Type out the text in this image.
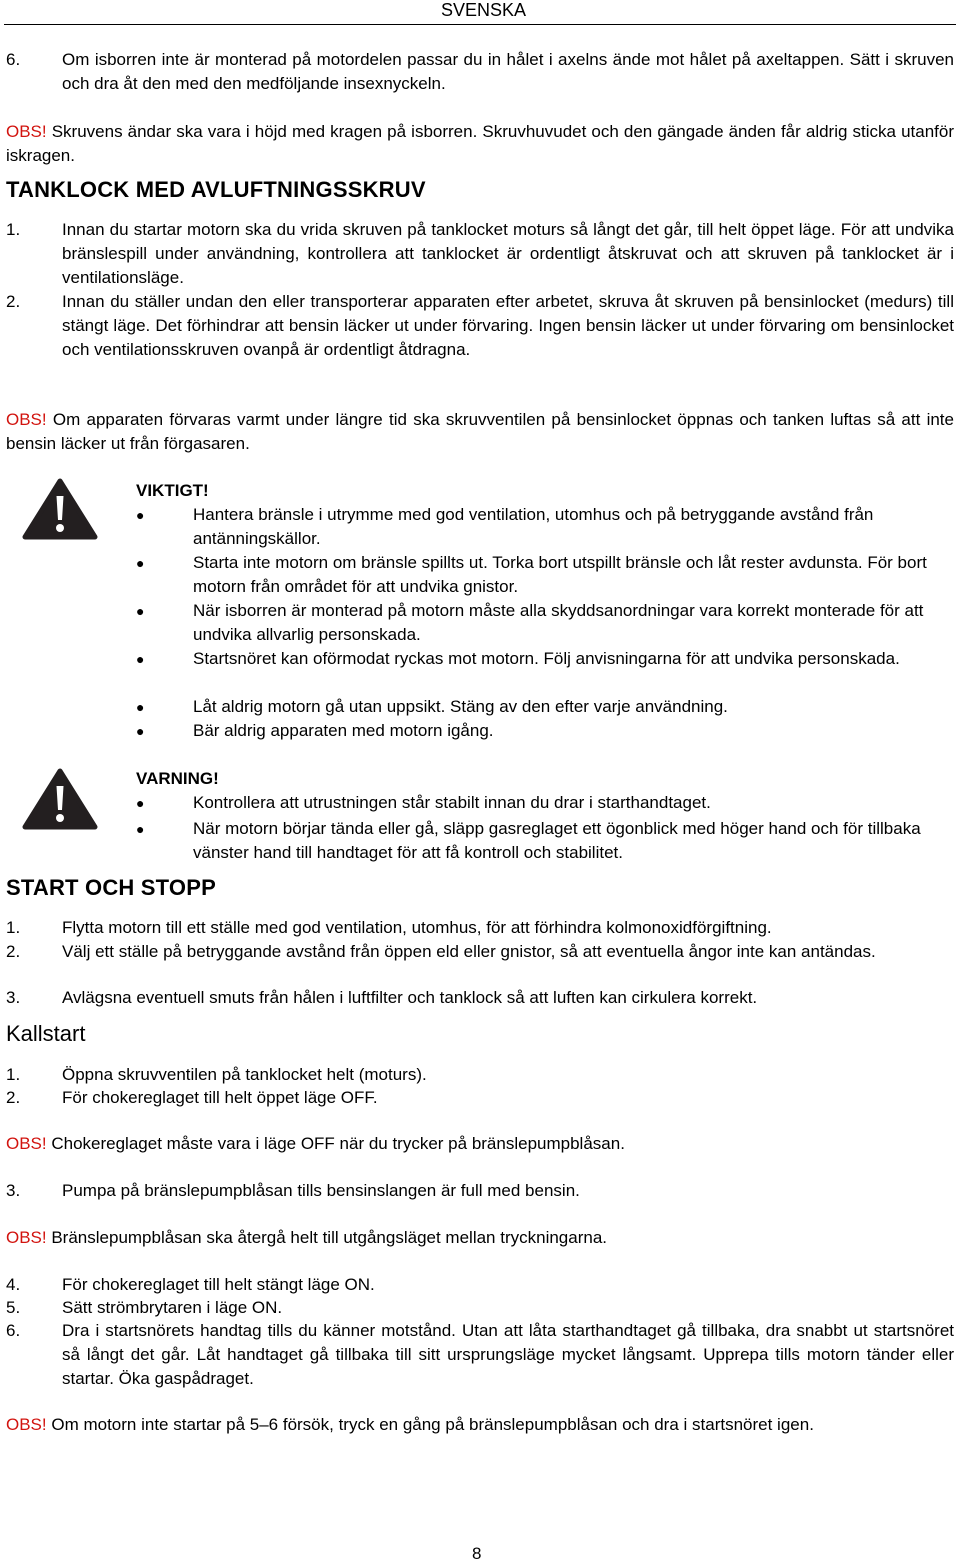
SVENSKA
6.	Om isborren inte är monterad på motordelen passar du in hålet i axelns ände mot hålet på axeltappen. Sätt i skruven och dra åt den med den medföljande insexnyckeln.
OBS! Skruvens ändar ska vara i höjd med kragen på isborren. Skruvhuvudet och den gängade änden får aldrig sticka utanför iskragen.
TANKLOCK MED AVLUFTNINGSSKRUV
1.	Innan du startar motorn ska du vrida skruven på tanklocket moturs så långt det går, till helt öppet läge. För att undvika bränslespill under användning, kontrollera att tanklocket är ordentligt åtskruvat och att skruven på tanklocket är i ventilationsläge.
2.	Innan du ställer undan den eller transporterar apparaten efter arbetet, skruva åt skruven på bensinlocket (medurs) till stängt läge. Det förhindrar att bensin läcker ut under förvaring. Ingen bensin läcker ut under förvaring om bensinlocket och ventilationsskruven ovanpå är ordentligt åtdragna.
OBS! Om apparaten förvaras varmt under längre tid ska skruvventilen på bensinlocket öppnas och tanken luftas så att inte bensin läcker ut från förgasaren.
VIKTIGT!
●	Hantera bränsle i utrymme med god ventilation, utomhus och på betryggande avstånd från antänningskällor.
●	Starta inte motorn om bränsle spillts ut. Torka bort utspillt bränsle och låt rester avdunsta. För bort motorn från området för att undvika gnistor.
●	När isborren är monterad på motorn måste alla skyddsanordningar vara korrekt monterade för att undvika allvarlig personskada.
●	Startsnöret kan oförmodat ryckas mot motorn. Följ anvisningarna för att undvika personskada.
●	Låt aldrig motorn gå utan uppsikt. Stäng av den efter varje användning.
●	Bär aldrig apparaten med motorn igång.
VARNING!
●	Kontrollera att utrustningen står stabilt innan du drar i starthandtaget.
●	När motorn börjar tända eller gå, släpp gasreglaget ett ögonblick med höger hand och för tillbaka vänster hand till handtaget för att få kontroll och stabilitet.
START OCH STOPP
1.	Flytta motorn till ett ställe med god ventilation, utomhus, för att förhindra kolmonoxidförgiftning.
2.	Välj ett ställe på betryggande avstånd från öppen eld eller gnistor, så att eventuella ångor inte kan antändas.
3.	Avlägsna eventuell smuts från hålen i luftfilter och tanklock så att luften kan cirkulera korrekt.
Kallstart
1.	Öppna skruvventilen på tanklocket helt (moturs).
2.	För chokereglaget till helt öppet läge OFF.
OBS! Chokereglaget måste vara i läge OFF när du trycker på bränslepumpblåsan.
3.	Pumpa på bränslepumpblåsan tills bensinslangen är full med bensin.
OBS! Bränslepumpblåsan ska återgå helt till utgångsläget mellan tryckningarna.
4.	För chokereglaget till helt stängt läge ON.
5.	Sätt strömbrytaren i läge ON.
6.	Dra i startsnörets handtag tills du känner motstånd. Utan att låta starthandtaget gå tillbaka, dra snabbt ut startsnöret så långt det går. Låt handtaget gå tillbaka till sitt ursprungsläge mycket långsamt. Upprepa tills motorn tänder eller startar. Öka gaspådraget.
OBS! Om motorn inte startar på 5–6 försök, tryck en gång på bränslepumpblåsan och dra i startsnöret igen.
8
